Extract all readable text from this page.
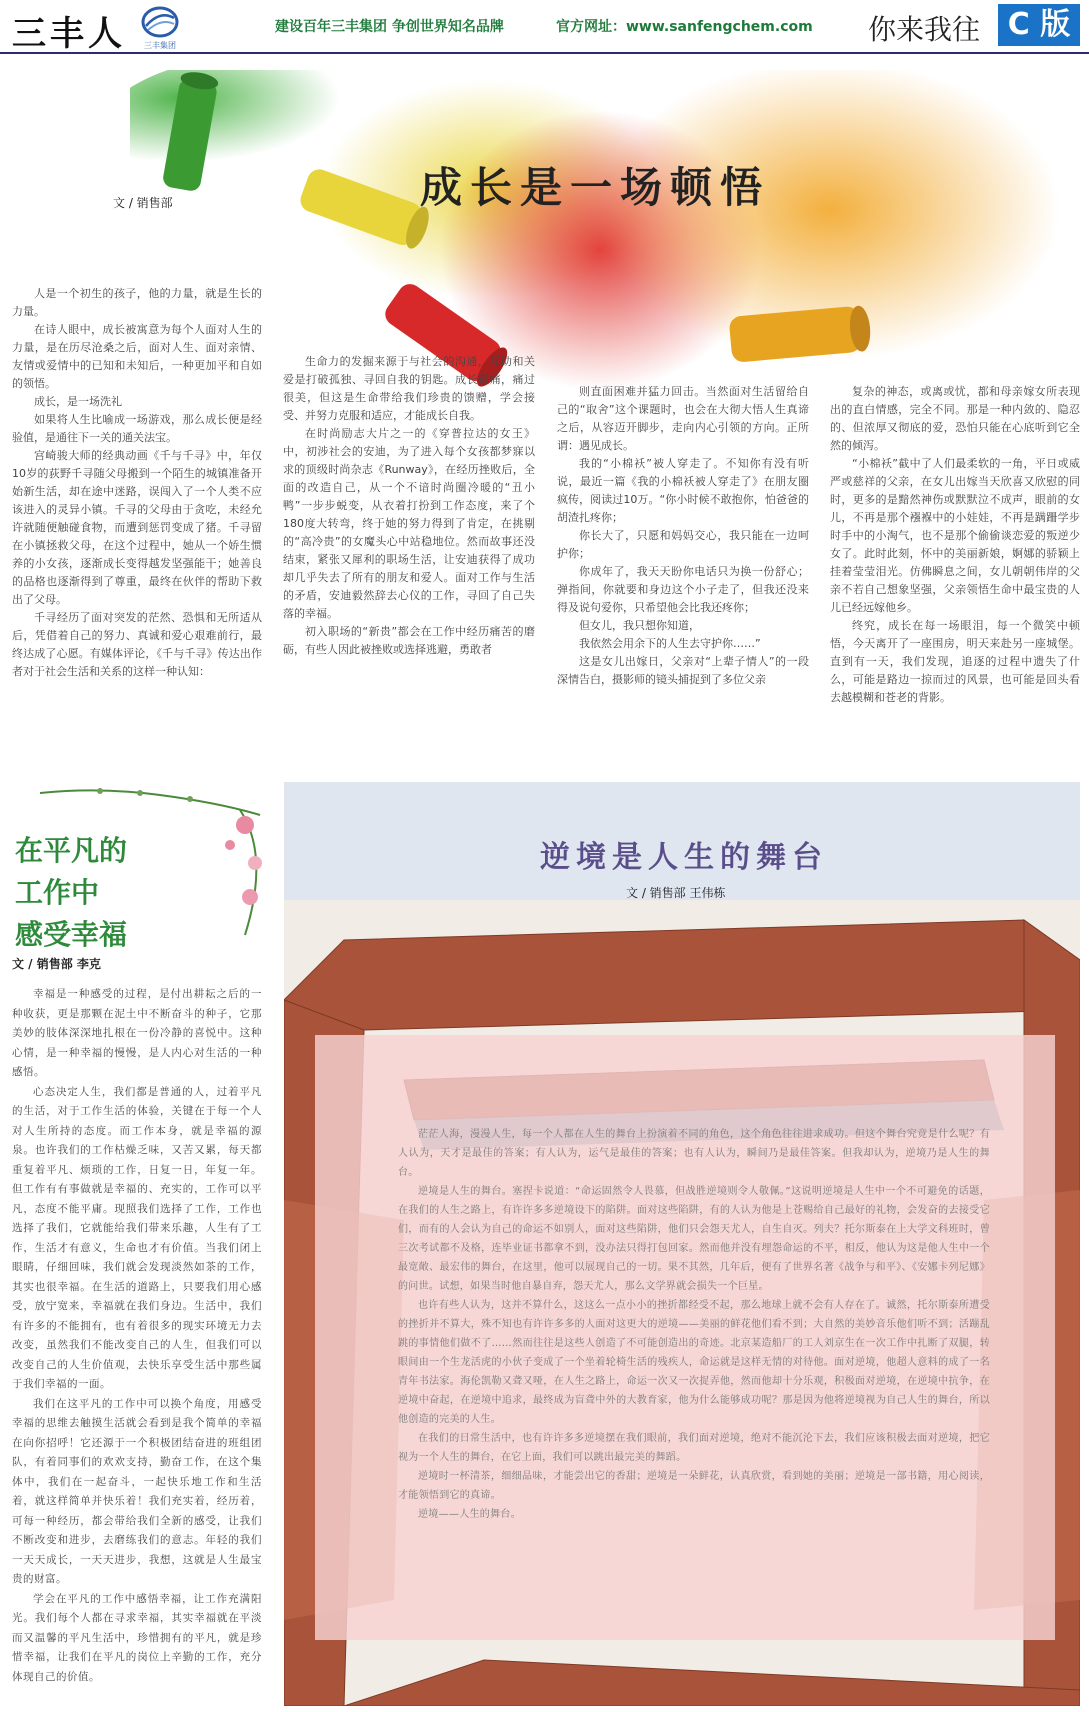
三丰人 三丰集团
建设百年三丰集团 争创世界知名品牌	官方网址：www.sanfengchem.com 你来我往 C 版
成长是一场顿悟
文 / 销售部

人是一个初生的孩子，他的力量，就是生长的力量。

在诗人眼中，成长被寓意为每个人面对人生的力量，是在历尽沧桑之后，面对人生、面对亲情、友情或爱情中的已知和未知后，一种更加平和自如的领悟。

成长，是一场洗礼

如果将人生比喻成一场游戏，那么成长便是经验值，是通往下一关的通关法宝。

宫崎骏大师的经典动画《千与千寻》中，年仅10岁的荻野千寻随父母搬到一个陌生的城镇准备开始新生活，却在途中迷路，误闯入了一个人类不应该进入的灵异小镇。千寻的父母由于贪吃，未经允许就随便触碰食物，而遭到惩罚变成了猪。千寻留在小镇拯救父母，在这个过程中，她从一个娇生惯养的小女孩，逐渐成长变得越发坚强能干；她善良的品格也逐渐得到了尊重，最终在伙伴的帮助下救出了父母。

千寻经历了面对突发的茫然、恐惧和无所适从后，凭借着自己的努力、真诚和爱心艰难前行，最终达成了心愿。有媒体评论，《千与千寻》传达出作者对于社会生活和关系的这样一种认知：

生命力的发掘来源于与社会的沟通，互助和关爱是打破孤独、寻回自我的钥匙。成长很痛，痛过很美，但这是生命带给我们珍贵的馈赠，学会接受、并努力克服和适应，才能成长自我。

在时尚励志大片之一的《穿普拉达的女王》中，初涉社会的安迪，为了进入每个女孩都梦寐以求的顶级时尚杂志《Runway》，在经历挫败后，全面的改造自己，从一个不谙时尚圈冷暖的“丑小鸭”一步步蜕变，从衣着打扮到工作态度，来了个180度大转弯，终于她的努力得到了肯定，在挑剔的“高冷贵”的女魔头心中站稳地位。然而故事还没结束，紧张又犀利的职场生活，让安迪获得了成功却几乎失去了所有的朋友和爱人。面对工作与生活的矛盾，安迪毅然辞去心仪的工作，寻回了自己失落的幸福。

初入职场的“新贵”都会在工作中经历痛苦的磨砺，有些人因此被挫败或选择逃避，勇敢者

则直面困难并猛力回击。当然面对生活留给自己的“取舍”这个课题时，也会在大彻大悟人生真谛之后，从容迈开脚步，走向内心引领的方向。正所谓：遇见成长。

我的“小棉袄”被人穿走了。不知你有没有听说，最近一篇《我的小棉袄被人穿走了》在朋友圈疯传，阅读过10万。“你小时候不敢抱你，怕爸爸的胡渣扎疼你；

你长大了，只愿和妈妈交心，我只能在一边呵护你；

你成年了，我天天盼你电话只为换一份舒心；弹指间，你就要和身边这个小子走了，但我还没来得及说句爱你，只希望他会比我还疼你；

但女儿，我只想你知道，

我依然会用余下的人生去守护你……”

这是女儿出嫁日，父亲对“上辈子情人”的一段深情告白，摄影师的镜头捕捉到了多位父亲

复杂的神态，或离或忧，都和母亲嫁女所表现出的直白情感，完全不同。那是一种内敛的、隐忍的、但浓厚又彻底的爱，恐怕只能在心底听到它全然的倾泻。

“小棉袄”截中了人们最柔软的一角，平日或威严或慈祥的父亲，在女儿出嫁当天欣喜又欣慰的同时，更多的是黯然神伤或默默泣不成声，眼前的女儿，不再是那个襁褓中的小娃娃，不再是蹒跚学步时手中的小淘气，也不是那个偷偷谈恋爱的叛逆少女了。此时此刻，怀中的美丽新娘，婀娜的骄颖上挂着莹莹泪光。仿佛瞬息之间，女儿朝朝伟岸的父亲不若自己想象坚强，父亲领悟生命中最宝贵的人儿已经远嫁他乡。

终究，成长在每一场眼泪，每一个微笑中顿悟，今天离开了一座围房，明天来赴另一座城堡。直到有一天，我们发现，追逐的过程中遗失了什么，可能是路边一掠而过的风景，也可能是回头看去越模糊和苍老的背影。

在平凡的
工作中
感受幸福
文 / 销售部 李克

幸福是一种感受的过程，是付出耕耘之后的一种收获，更是那颗在泥土中不断奋斗的种子，它那美妙的肢体深深地扎根在一份冷静的喜悦中。这种心情，是一种幸福的慢慢，是人内心对生活的一种感悟。

心态决定人生，我们都是普通的人，过着平凡的生活，对于工作生活的体验，关键在于每一个人对人生所持的态度。而工作本身，就是幸福的源泉。也许我们的工作枯燥乏味，又苦又累，每天都重复着平凡、烦琐的工作，日复一日，年复一年。但工作有有事做就是幸福的、充实的，工作可以平凡，态度不能平庸。现照我们选择了工作，工作也选择了我们，它就能给我们带来乐趣，人生有了工作，生活才有意义，生命也才有价值。当我们闭上眼睛，仔细回味，我们就会发现淡然如茶的工作，其实也很幸福。在生活的道路上，只要我们用心感受，放宁宽来，幸福就在我们身边。生活中，我们有许多的不能拥有，也有着很多的现实环境无力去改变，虽然我们不能改变自己的人生，但我们可以改变自己的人生价值观，去快乐享受生活中那些属于我们幸福的一面。

我们在这平凡的工作中可以换个角度，用感受幸福的思维去触摸生活就会看到是我个简单的幸福在向你招呼！它还源于一个积极团结奋进的班组团队，有着同事们的欢欢支持，勤奋工作，在这个集体中，我们在一起奋斗，一起快乐地工作和生活着，就这样简单并快乐着！我们充实着，经历着，可每一种经历，都会带给我们全新的感受，让我们不断改变和进步，去磨练我们的意志。年轻的我们一天天成长，一天天进步，我想，这就是人生最宝贵的财富。

学会在平凡的工作中感悟幸福，让工作充满阳光。我们每个人都在寻求幸福，其实幸福就在平淡而又温馨的平凡生活中，珍惜拥有的平凡，就是珍惜幸福，让我们在平凡的岗位上辛勤的工作，充分体现自己的价值。

逆境是人生的舞台
文 / 销售部 王伟栋

茫茫人海，漫漫人生，每一个人都在人生的舞台上扮演着不同的角色，这个角色往往进求成功。但这个舞台究竟是什么呢？有人认为，天才是最佳的答案；有人认为，运气是最佳的答案；也有人认为，瞬间乃是最佳答案。但我却认为，逆境乃是人生的舞台。

逆境是人生的舞台。塞捏卡说道：“命运固然令人畏慕，但战胜逆境则令人敬佩。”这说明逆境是人生中一个不可避免的话题，在我们的人生之路上，有许许多多逆境设下的陷阱。面对这些陷阱，有的人认为他是上苍赐给自己最好的礼物，会发奋的去接受它们，而有的人会认为自己的命运不如别人，面对这些陷阱，他们只会怨天尤人，自生自灭。列夫？托尔斯泰在上大学文科班时，曾三次考试都不及格，连毕业证书都拿不到，没办法只得打包回家。然而他并没有埋怨命运的不平，相反，他认为这是他人生中一个最宽敞、最宏伟的舞台，在这里，他可以展现自己的一切。果不其然，几年后，便有了世界名著《战争与和平》、《安娜卡列尼娜》的问世。试想，如果当时他自暴自弃，怨天尤人，那么文学界就会损失一个巨星。

也许有些人认为，这并不算什么，这这么一点小小的挫折都经受不起，那么地球上就不会有人存在了。诚然，托尔斯泰所遭受的挫折并不算大，殊不知也有许许多多的人面对这更大的逆境——美丽的鲜花他们看不到；大自然的美妙音乐他们听不到；活蹦乱跳的事情他们做不了……然而往往是这些人创造了不可能创造出的奇迹。北京某造船厂的工人刘京生在一次工作中扎断了双腿，转眼间由一个生龙活虎的小伙子变成了一个坐着轮椅生活的残疾人，命运就是这样无情的对待他。面对逆境，他超人意料的成了一名青年书法家。海伦凯勒又聋又哑，在人生之路上，命运一次又一次捉弄他，然而他却十分乐观，积极面对逆境，在逆境中抗争，在逆境中奋起，在逆境中追求，最终成为盲聋中外的大教育家，他为什么能够成功呢？那是因为他将逆境视为自己人生的舞台，所以他创造的完美的人生。

在我们的日常生活中，也有许许多多逆境摆在我们眼前，我们面对逆境，绝对不能沉沦下去，我们应该积极去面对逆境，把它视为一个人生的舞台，在它上面，我们可以跳出最完美的舞蹈。

逆境时一杯清茶，细细品味，才能尝出它的香甜；逆境是一朵鲜花，认真欣赏，看到她的美丽；逆境是一部书籍，用心阅读，才能领悟到它的真谛。

逆境——人生的舞台。
